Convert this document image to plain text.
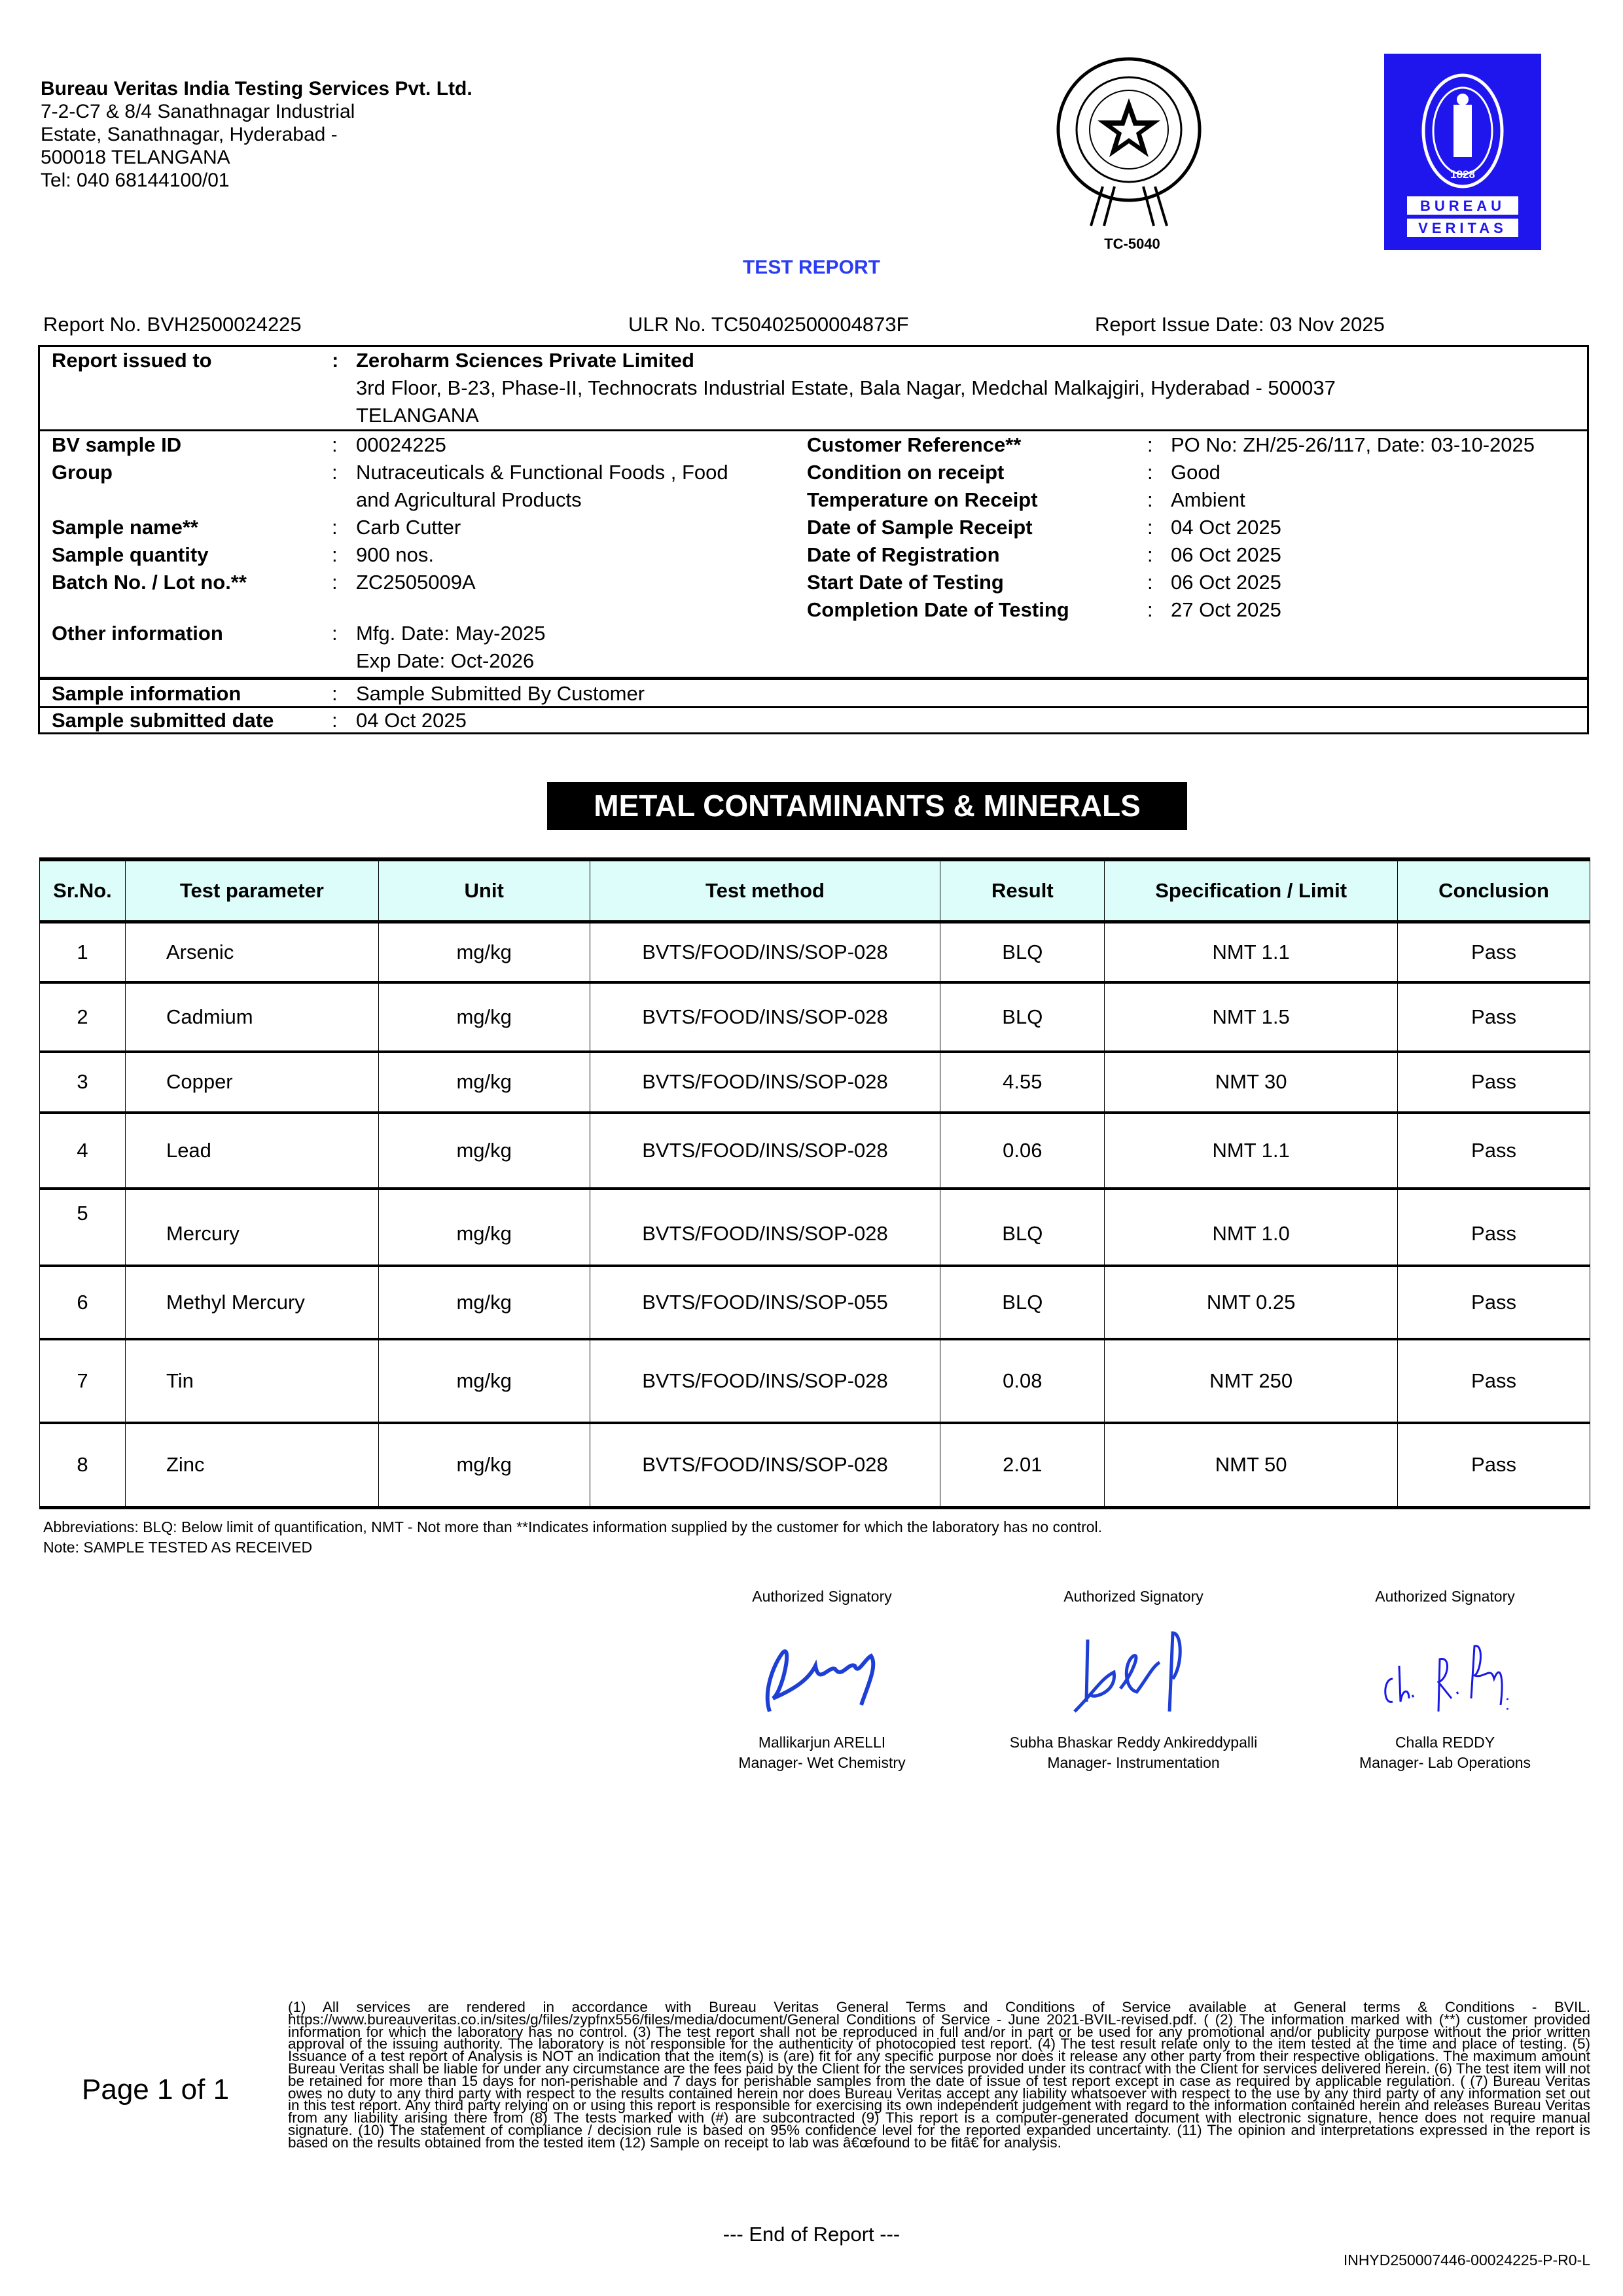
Bureau Veritas India Testing Services Pvt. Ltd.
7-2-C7 & 8/4 Sanathnagar Industrial
Estate, Sanathnagar, Hyderabad -
500018 TELANGANA
Tel: 040 68144100/01
TC-5040
1828
BUREAU
VERITAS
TEST REPORT
Report No. BVH2500024225	ULR No. TC50402500004873F	Report Issue Date: 03 Nov 2025
Report issued to	: Zeroharm Sciences Private Limited
3rd Floor, B-23, Phase-II, Technocrats Industrial Estate, Bala Nagar, Medchal Malkajgiri, Hyderabad - 500037
TELANGANA
BV sample ID	: 00024225
Group	: Nutraceuticals & Functional Foods , Food
and Agricultural Products
Sample name**	: Carb Cutter
Sample quantity	: 900 nos.
Batch No. / Lot no.**	: ZC2505009A
Other information	: Mfg. Date: May-2025
Exp Date: Oct-2026
Customer Reference**	: PO No: ZH/25-26/117, Date: 03-10-2025
Condition on receipt	: Good
Temperature on Receipt	: Ambient
Date of Sample Receipt	: 04 Oct 2025
Date of Registration	: 06 Oct 2025
Start Date of Testing	: 06 Oct 2025
Completion Date of Testing	: 27 Oct 2025
Sample information	: Sample Submitted By Customer
Sample submitted date	: 04 Oct 2025
METAL CONTAMINANTS & MINERALS
Sr.No.	Test parameter	Unit	Test method	Result	Specification / Limit	Conclusion
1	Arsenic	mg/kg	BVTS/FOOD/INS/SOP-028	BLQ	NMT 1.1	Pass
2	Cadmium	mg/kg	BVTS/FOOD/INS/SOP-028	BLQ	NMT 1.5	Pass
3	Copper	mg/kg	BVTS/FOOD/INS/SOP-028	4.55	NMT 30	Pass
4	Lead	mg/kg	BVTS/FOOD/INS/SOP-028	0.06	NMT 1.1	Pass
5	Mercury	mg/kg	BVTS/FOOD/INS/SOP-028	BLQ	NMT 1.0	Pass
6	Methyl Mercury	mg/kg	BVTS/FOOD/INS/SOP-055	BLQ	NMT 0.25	Pass
7	Tin	mg/kg	BVTS/FOOD/INS/SOP-028	0.08	NMT 250	Pass
8	Zinc	mg/kg	BVTS/FOOD/INS/SOP-028	2.01	NMT 50	Pass
Abbreviations: BLQ: Below limit of quantification, NMT - Not more than **Indicates information supplied by the customer for which the laboratory has no control.
Note: SAMPLE TESTED AS RECEIVED
Authorized Signatory
Mallikarjun ARELLI
Manager- Wet Chemistry
Authorized Signatory
Subha Bhaskar Reddy Ankireddypalli
Manager- Instrumentation
Authorized Signatory
Challa REDDY
Manager- Lab Operations
Page 1 of 1
(1) All services are rendered in accordance with Bureau Veritas General Terms and Conditions of Service available at General terms & Conditions - BVIL. https://www.bureauveritas.co.in/sites/g/files/zypfnx556/files/media/document/General Conditions of Service - June 2021-BVIL-revised.pdf. ( (2) The information marked with (**) customer provided information for which the laboratory has no control. (3) The test report shall not be reproduced in full and/or in part or be used for any promotional and/or publicity purpose without the prior written approval of the issuing authority. The laboratory is not responsible for the authenticity of photocopied test report. (4) The test result relate only to the item tested at the time and place of testing. (5) Issuance of a test report of Analysis is NOT an indication that the item(s) is (are) fit for any specific purpose nor does it release any other party from their respective obligations. The maximum amount Bureau Veritas shall be liable for under any circumstance are the fees paid by the Client for the services provided under its contract with the Client for services delivered herein. (6) The test item will not be retained for more than 15 days for non-perishable and 7 days for perishable samples from the date of issue of test report except in case as required by applicable regulation. ( (7) Bureau Veritas owes no duty to any third party with respect to the results contained herein nor does Bureau Veritas accept any liability whatsoever with respect to the use by any third party of any information set out in this test report. Any third party relying on or using this report is responsible for exercising its own independent judgement with regard to the information contained herein and releases Bureau Veritas from any liability arising there from (8) The tests marked with (#) are subcontracted (9) This report is a computer-generated document with electronic signature, hence does not require manual signature. (10) The statement of compliance / decision rule is based on 95% confidence level for the reported expanded uncertainty. (11) The opinion and interpretations expressed in the report is based on the results obtained from the tested item (12) Sample on receipt to lab was â€œfound to be fitâ€ for analysis.
--- End of Report ---
INHYD250007446-00024225-P-R0-L
